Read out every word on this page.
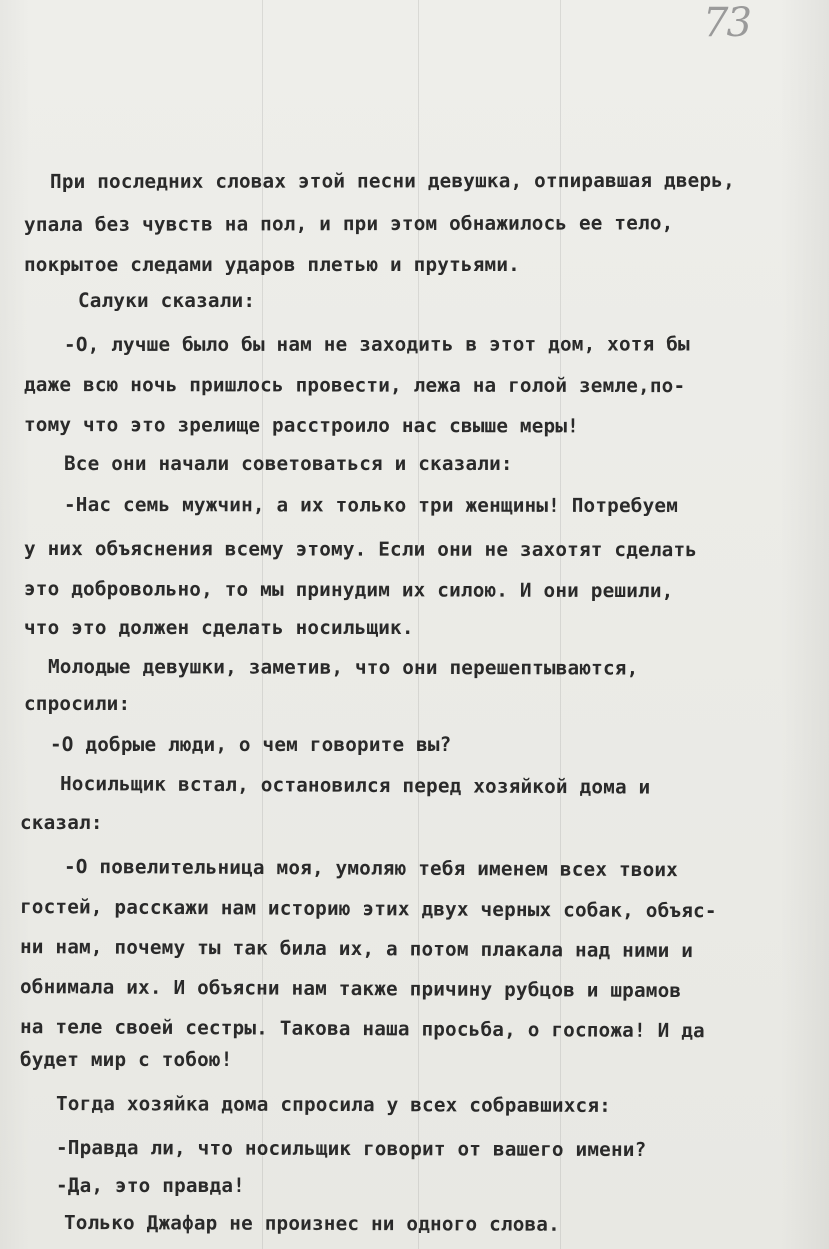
73

При последних словах этой песни девушка, отпиравшая дверь,

упала без чувств на пол, и при этом обнажилось ее тело,

покрытое следами ударов плетью и прутьями.

Салуки сказали:

-О, лучше было бы нам не заходить в этот дом, хотя бы

даже всю ночь пришлось провести, лежа на голой земле,по-

тому что это зрелище расстроило нас свыше меры!

Все они начали советоваться и сказали:

-Нас семь мужчин, а их только три женщины! Потребуем

у них объяснения всему этому. Если они не захотят сделать

это добровольно, то мы принудим их силою. И они решили,

что это должен сделать носильщик.

Молодые девушки, заметив, что они перешептываются,

спросили:

-О добрые люди, о чем говорите вы?

Носильщик встал, остановился перед хозяйкой дома и

сказал:

-О повелительница моя, умоляю тебя именем всех твоих

гостей, расскажи нам историю этих двух черных собак, объяс-

ни нам, почему ты так била их, а потом плакала над ними и

обнимала их. И объясни нам также причину рубцов и шрамов

на теле своей сестры. Такова наша просьба, о госпожа! И да

будет мир с тобою!

Тогда хозяйка дома спросила у всех собравшихся:

-Правда ли, что носильщик говорит от вашего имени?

-Да, это правда!

Только Джафар не произнес ни одного слова.
